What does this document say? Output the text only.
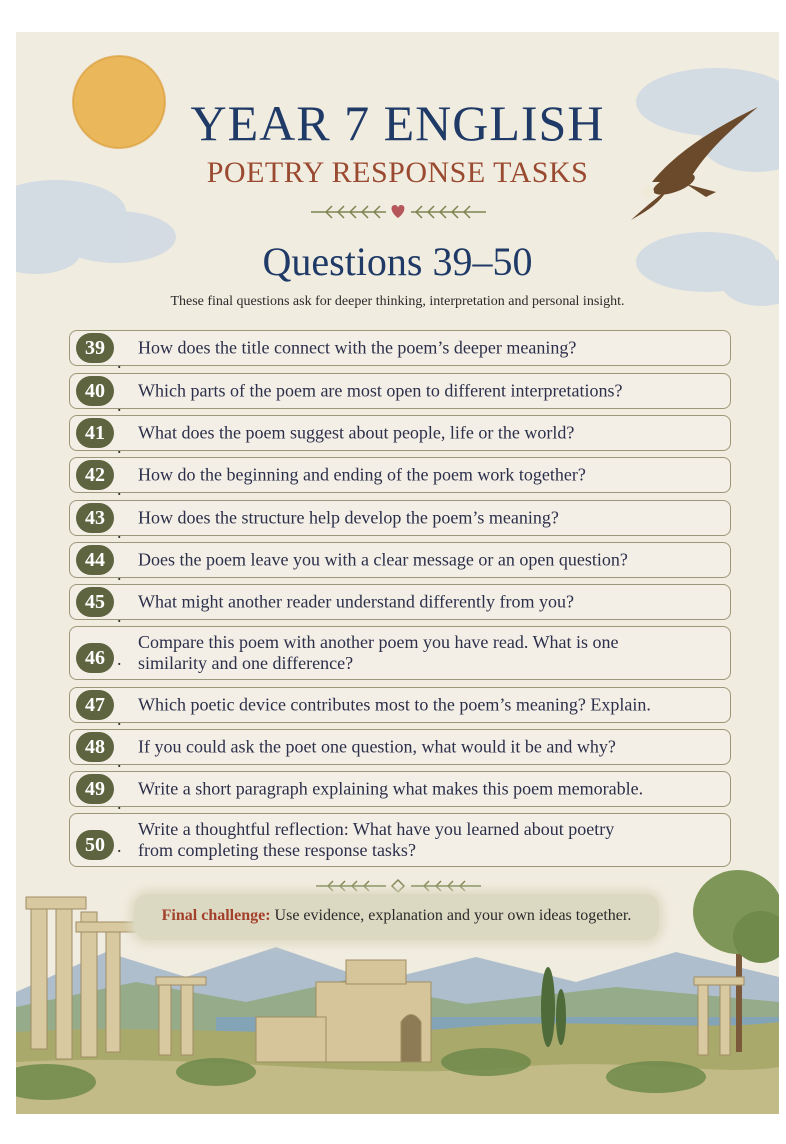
YEAR 7 ENGLISH
POETRY RESPONSE TASKS
Questions 39–50
These final questions ask for deeper thinking, interpretation and personal insight.
39
.
How does the title connect with the poem’s deeper meaning?
40
.
Which parts of the poem are most open to different interpretations?
41
.
What does the poem suggest about people, life or the world?
42
.
How do the beginning and ending of the poem work together?
43
.
How does the structure help develop the poem’s meaning?
44
.
Does the poem leave you with a clear message or an open question?
45
.
What might another reader understand differently from you?
46 .
Compare this poem with another poem you have read. What is one similarity and one difference?
47
.
Which poetic device contributes most to the poem’s meaning? Explain.
48
.
If you could ask the poet one question, what would it be and why?
49
.
Write a short paragraph explaining what makes this poem memorable.
50 .
Write a thoughtful reflection: What have you learned about poetry from completing these response tasks?
Final challenge: Use evidence, explanation and your own ideas together.
